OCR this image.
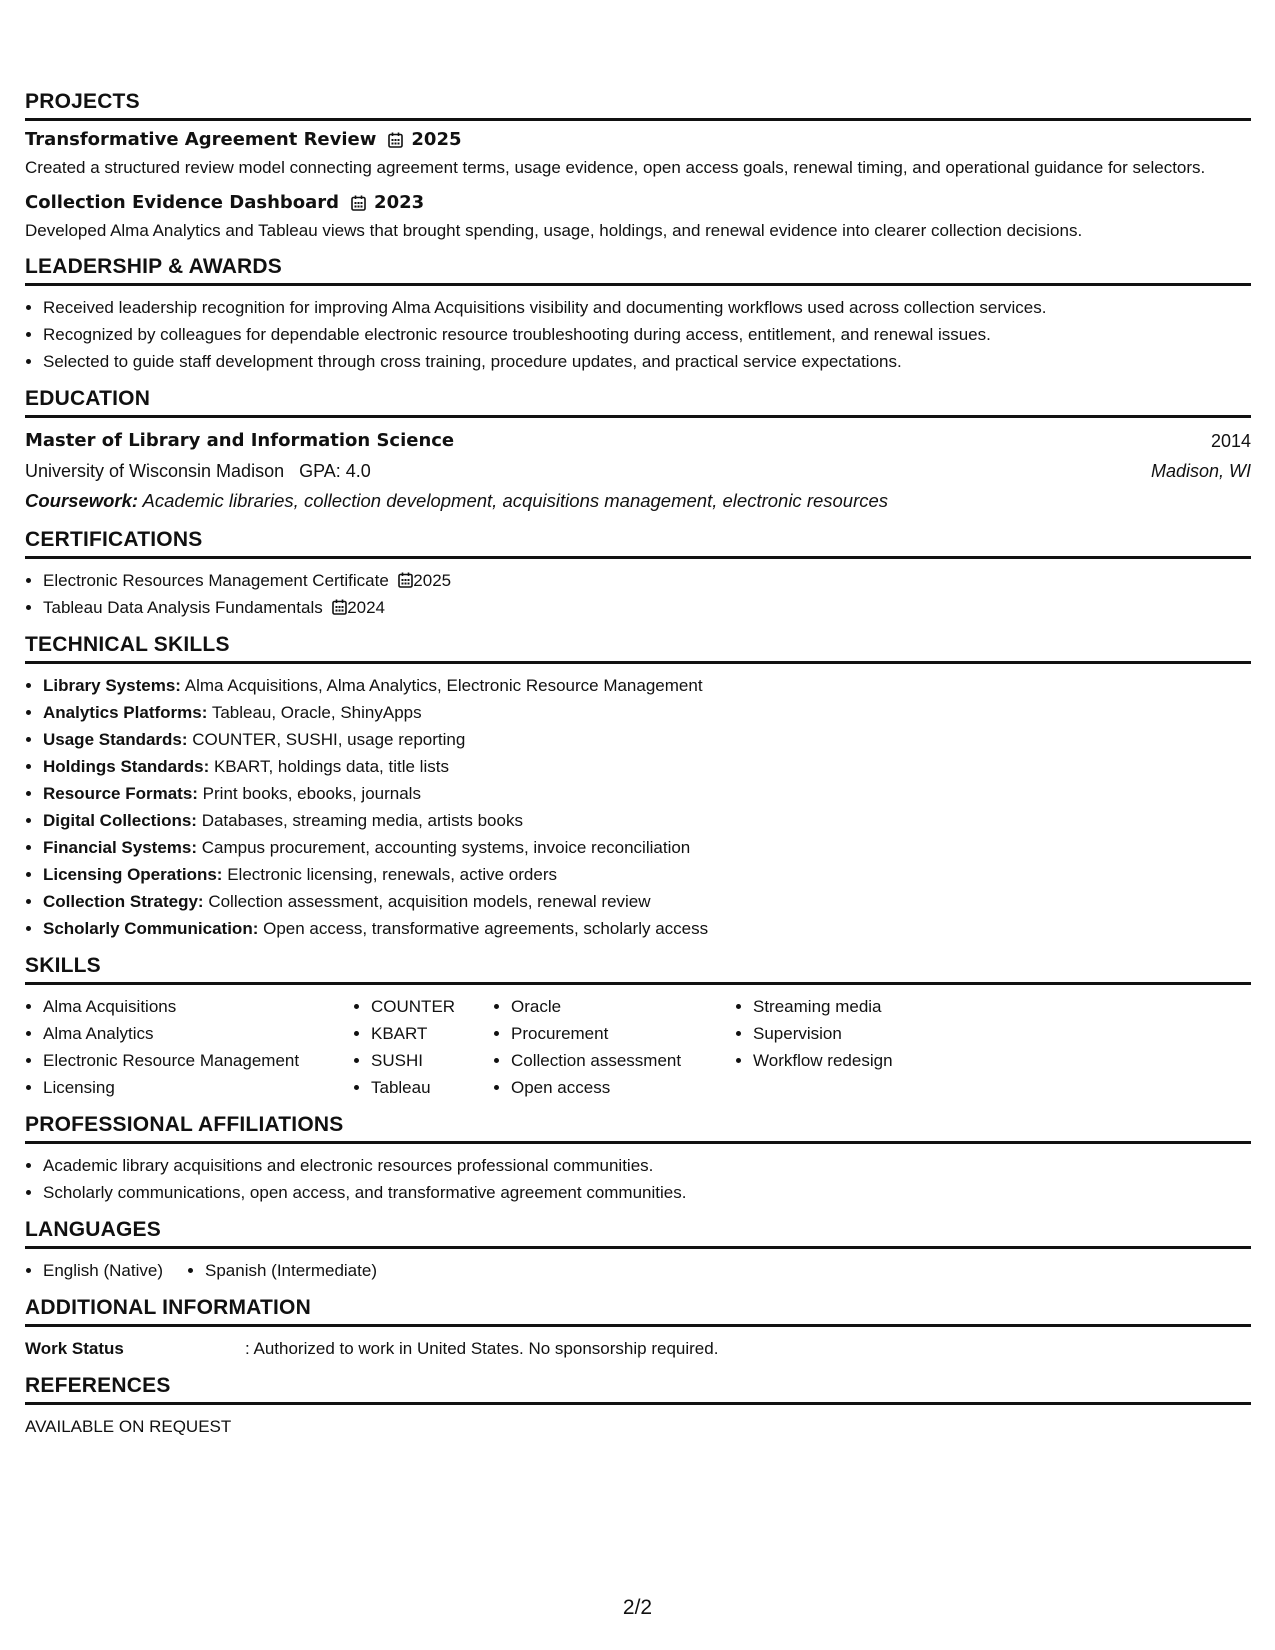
PROJECTS
Transformative Agreement Review 2025
Created a structured review model connecting agreement terms, usage evidence, open access goals, renewal timing, and operational guidance for selectors.
Collection Evidence Dashboard 2023
Developed Alma Analytics and Tableau views that brought spending, usage, holdings, and renewal evidence into clearer collection decisions.
LEADERSHIP & AWARDS
• Received leadership recognition for improving Alma Acquisitions visibility and documenting workflows used across collection services.
• Recognized by colleagues for dependable electronic resource troubleshooting during access, entitlement, and renewal issues.
• Selected to guide staff development through cross training, procedure updates, and practical service expectations.
EDUCATION
Master of Library and Information Science	2014
University of Wisconsin Madison GPA: 4.0	Madison, WI
Coursework: Academic libraries, collection development, acquisitions management, electronic resources
CERTIFICATIONS
• Electronic Resources Management Certificate 2025
• Tableau Data Analysis Fundamentals 2024
TECHNICAL SKILLS
• Library Systems: Alma Acquisitions, Alma Analytics, Electronic Resource Management
• Analytics Platforms: Tableau, Oracle, ShinyApps
• Usage Standards: COUNTER, SUSHI, usage reporting
• Holdings Standards: KBART, holdings data, title lists
• Resource Formats: Print books, ebooks, journals
• Digital Collections: Databases, streaming media, artists books
• Financial Systems: Campus procurement, accounting systems, invoice reconciliation
• Licensing Operations: Electronic licensing, renewals, active orders
• Collection Strategy: Collection assessment, acquisition models, renewal review
• Scholarly Communication: Open access, transformative agreements, scholarly access
SKILLS
• Alma Acquisitions
• Alma Analytics
• Electronic Resource Management
• Licensing
• COUNTER
• KBART
• SUSHI
• Tableau
• Oracle
• Procurement
• Collection assessment
• Open access
• Streaming media
• Supervision
• Workflow redesign
PROFESSIONAL AFFILIATIONS
• Academic library acquisitions and electronic resources professional communities.
• Scholarly communications, open access, and transformative agreement communities.
LANGUAGES
• English (Native)
• Spanish (Intermediate)
ADDITIONAL INFORMATION
Work Status	: Authorized to work in United States. No sponsorship required.
REFERENCES
AVAILABLE ON REQUEST
2/2
